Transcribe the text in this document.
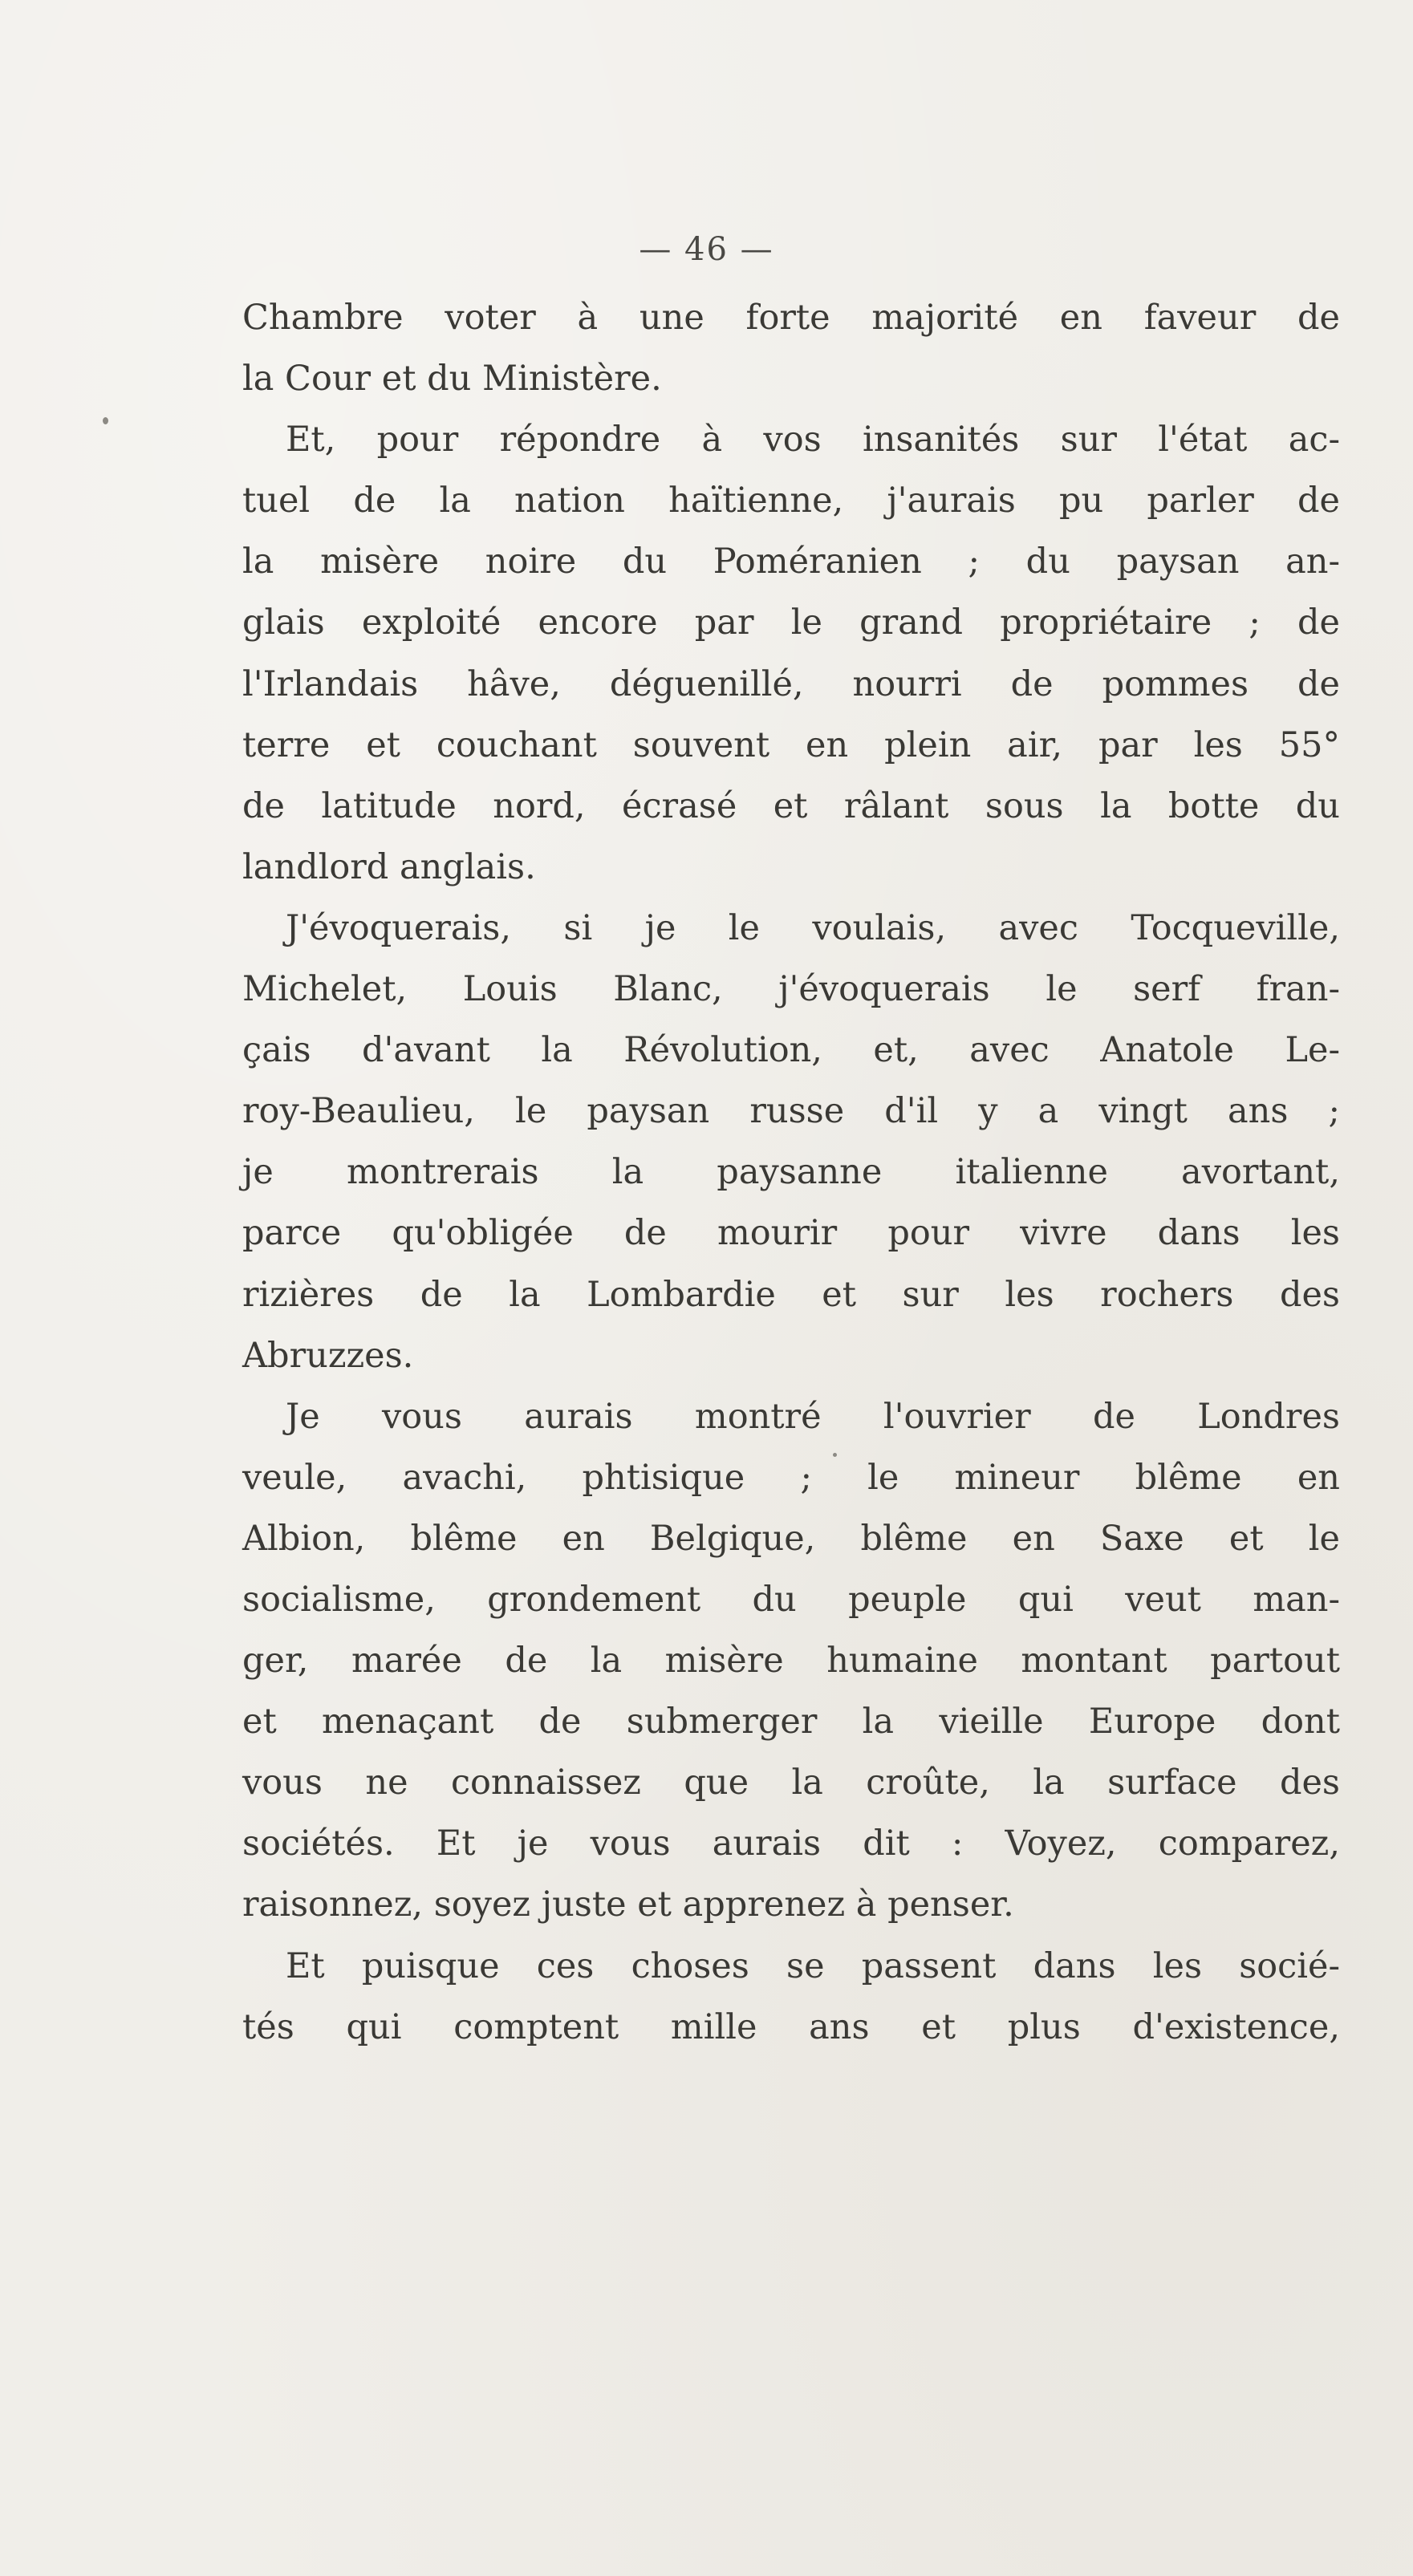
— 46 —
Chambre voter à une forte majorité en faveur de
la Cour et du Ministère.
Et, pour répondre à vos insanités sur l'état ac-
tuel de la nation haïtienne, j'aurais pu parler de
la misère noire du Poméranien ; du paysan an-
glais exploité encore par le grand propriétaire ; de
l'Irlandais hâve, déguenillé, nourri de pommes de
terre et couchant souvent en plein air, par les 55°
de latitude nord, écrasé et râlant sous la botte du
landlord anglais.
J'évoquerais, si je le voulais, avec Tocqueville,
Michelet, Louis Blanc, j'évoquerais le serf fran-
çais d'avant la Révolution, et, avec Anatole Le-
roy-Beaulieu, le paysan russe d'il y a vingt ans ;
je montrerais la paysanne italienne avortant,
parce qu'obligée de mourir pour vivre dans les
rizières de la Lombardie et sur les rochers des
Abruzzes.
Je vous aurais montré l'ouvrier de Londres
veule, avachi, phtisique ; le mineur blême en
Albion, blême en Belgique, blême en Saxe et le
socialisme, grondement du peuple qui veut man-
ger, marée de la misère humaine montant partout
et menaçant de submerger la vieille Europe dont
vous ne connaissez que la croûte, la surface des
sociétés. Et je vous aurais dit : Voyez, comparez,
raisonnez, soyez juste et apprenez à penser.
Et puisque ces choses se passent dans les socié-
tés qui comptent mille ans et plus d'existence,
